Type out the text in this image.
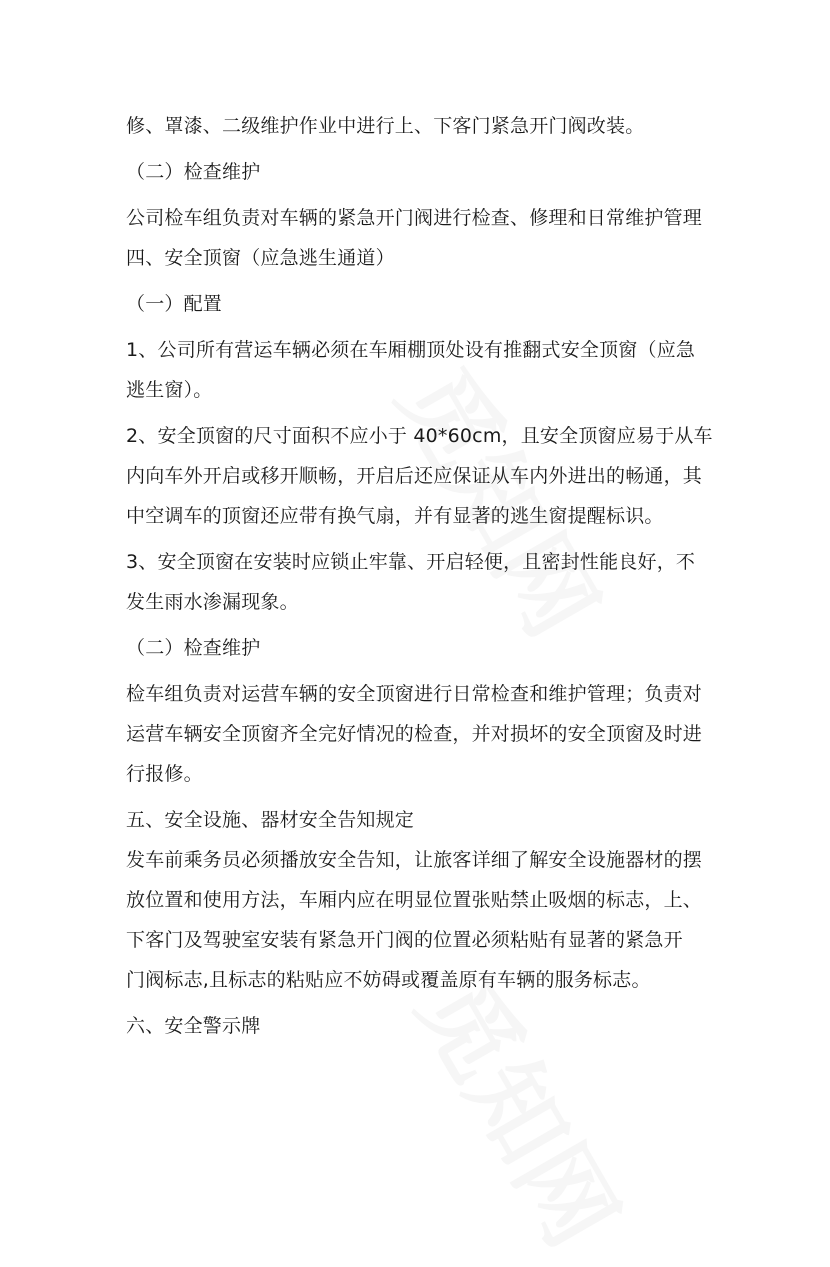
修、罩漆、二级维护作业中进行上、下客门紧急开门阀改装。
（二）检查维护
公司检车组负责对车辆的紧急开门阀进行检查、修理和日常维护管理
四、安全顶窗（应急逃生通道）
（一）配置
1、公司所有营运车辆必须在车厢棚顶处设有推翻式安全顶窗（应急
逃生窗）。
2、安全顶窗的尺寸面积不应小于 40*60cm，且安全顶窗应易于从车
内向车外开启或移开顺畅，开启后还应保证从车内外进出的畅通，其
中空调车的顶窗还应带有换气扇，并有显著的逃生窗提醒标识。
3、安全顶窗在安装时应锁止牢靠、开启轻便，且密封性能良好，不
发生雨水渗漏现象。
（二）检查维护
检车组负责对运营车辆的安全顶窗进行日常检查和维护管理；负责对
运营车辆安全顶窗齐全完好情况的检查，并对损坏的安全顶窗及时进
行报修。
五、安全设施、器材安全告知规定
发车前乘务员必须播放安全告知，让旅客详细了解安全设施器材的摆
放位置和使用方法，车厢内应在明显位置张贴禁止吸烟的标志，上、
下客门及驾驶室安装有紧急开门阀的位置必须粘贴有显著的紧急开
门阀标志,且标志的粘贴应不妨碍或覆盖原有车辆的服务标志。
六、安全警示牌
